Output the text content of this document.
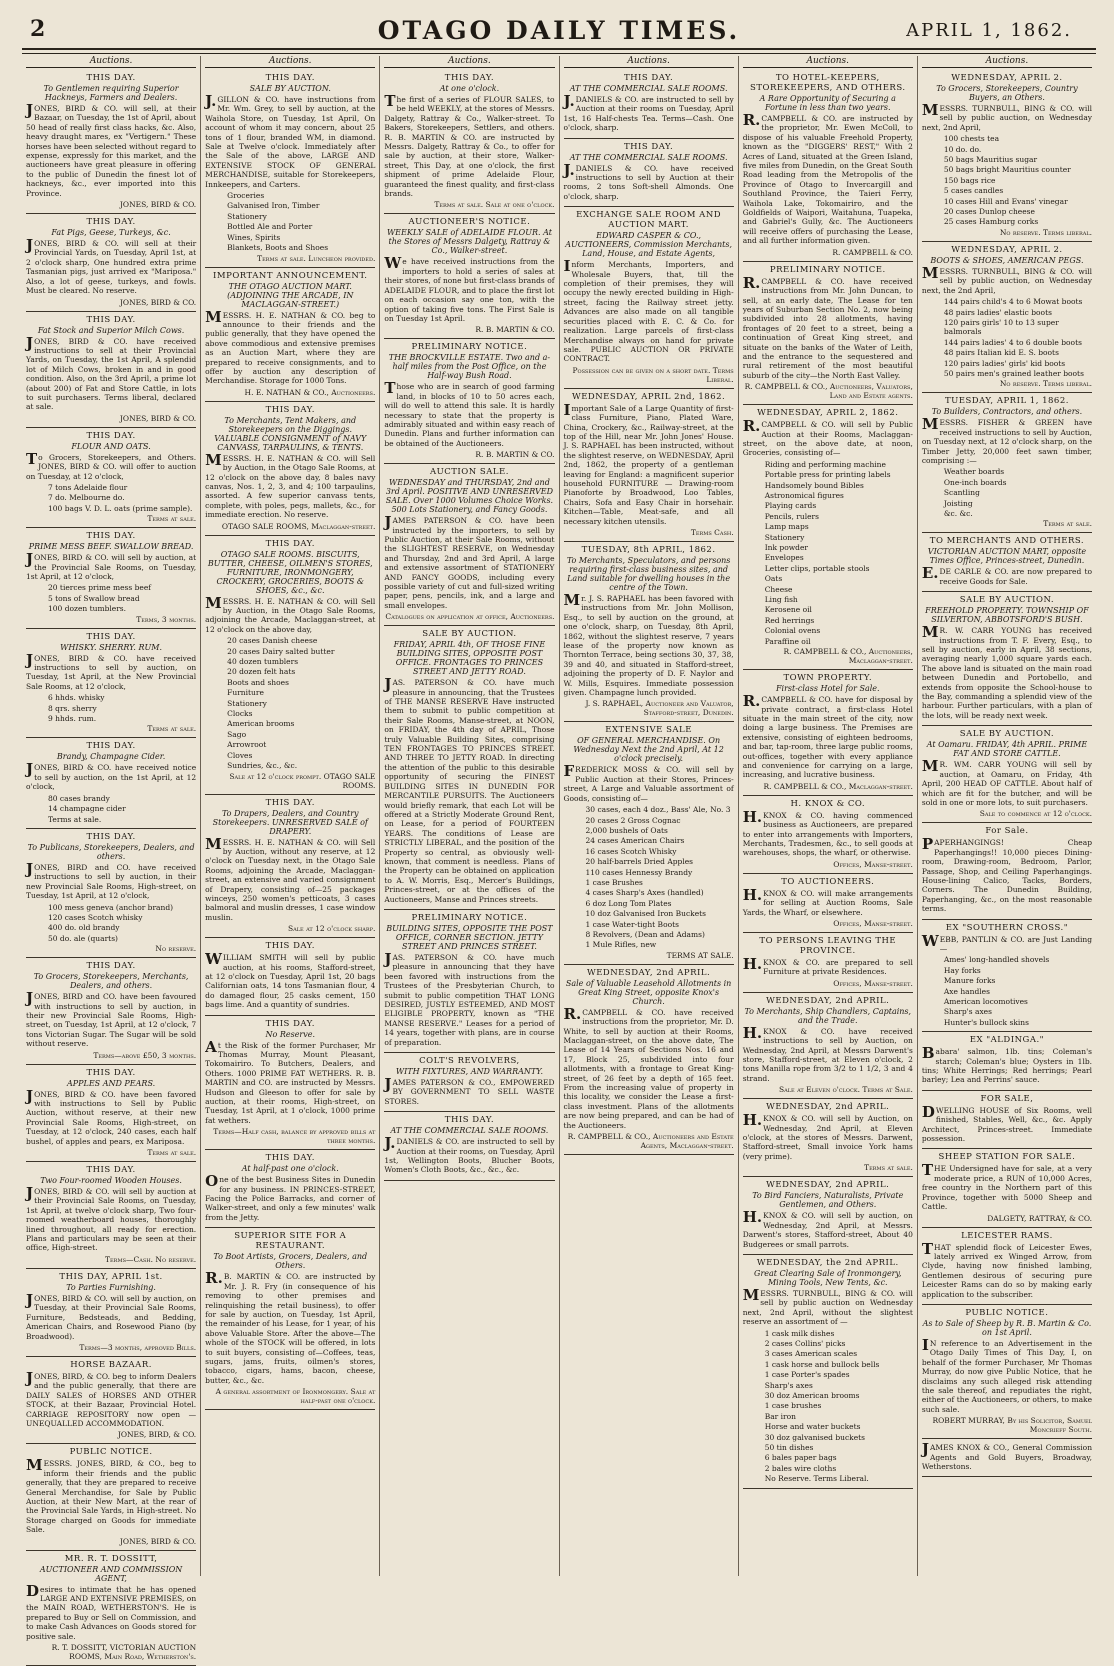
2	OTAGO DAILY TIMES.	APRIL 1, 1862.
Auctions.
THIS DAY.
To Gentlemen requiring Superior Hackneys, Farmers and Dealers.
JONES, BIRD & CO. will sell, at their Bazaar, on Tuesday, the 1st of April, about 50 head of really first class hacks, &c. Also, heavy draught mares, ex "Vertigern." These horses have been selected without regard to expense, expressly for this market, and the auctioneers have great pleasure in offering to the public of Dunedin the finest lot of hackneys, &c., ever imported into this Province.
JONES, BIRD & CO.
THIS DAY.
Fat Pigs, Geese, Turkeys, &c.
JONES, BIRD & CO. will sell at their Provincial Yards, on Tuesday, April 1st, at 2 o'clock sharp, One hundred extra prime Tasmanian pigs, just arrived ex "Mariposa." Also, a lot of geese, turkeys, and fowls. Must be cleared. No reserve.
JONES, BIRD & CO.
THIS DAY.
Fat Stock and Superior Milch Cows.
JONES, BIRD & CO. have received instructions to sell at their Provincial Yards, on Tuesday, the 1st April, A splendid lot of Milch Cows, broken in and in good condition. Also, on the 3rd April, a prime lot (about 200) of Fat and Store Cattle, in lots to suit purchasers. Terms liberal, declared at sale.
JONES, BIRD & CO.
THIS DAY.
FLOUR AND OATS.
To Grocers, Storekeepers, and Others. JONES, BIRD & CO. will offer to auction on Tuesday, at 12 o'clock,
7 tons Adelaide flour
7 do. Melbourne do.
100 bags V. D. L. oats (prime sample).
Terms at sale.
THIS DAY.
PRIME MESS BEEF. SWALLOW BREAD.
JONES, BIRD & CO. will sell by auction, at the Provincial Sale Rooms, on Tuesday, 1st April, at 12 o'clock,
20 tierces prime mess beef
5 tons of Swallow bread
100 dozen tumblers.
Terms, 3 months.
THIS DAY.
WHISKY. SHERRY. RUM.
JONES, BIRD & CO. have received instructions to sell by auction, on Tuesday, 1st April, at the New Provincial Sale Rooms, at 12 o'clock,
6 hhds. whisky
8 qrs. sherry
9 hhds. rum.
Terms at sale.
THIS DAY.
Brandy, Champagne Cider.
JONES, BIRD & CO. have received notice to sell by auction, on the 1st April, at 12 o'clock,
80 cases brandy
14 champagne cider
Terms at sale.
THIS DAY.
To Publicans, Storekeepers, Dealers, and others.
JONES, BIRD and CO. have received instructions to sell by auction, in their new Provincial Sale Rooms, High-street, on Tuesday, 1st April, at 12 o'clock,
100 mess geneva (anchor brand)
120 cases Scotch whisky
400 do. old brandy
50 do. ale (quarts)
No reserve.
THIS DAY.
To Grocers, Storekeepers, Merchants, Dealers, and others.
JONES, BIRD and CO. have been favoured with instructions to sell by auction, in their new Provincial Sale Rooms, High-street, on Tuesday, 1st April, at 12 o'clock, 7 tons Victorian Sugar. The Sugar will be sold without reserve.
Terms—above £50, 3 months.
THIS DAY.
APPLES AND PEARS.
JONES, BIRD & CO. have been favored with instructions to Sell by Public Auction, without reserve, at their new Provincial Sale Rooms, High-street, on Tuesday, at 12 o'clock, 240 cases, each half bushel, of apples and pears, ex Mariposa.
Terms at sale.
THIS DAY.
Two Four-roomed Wooden Houses.
JONES, BIRD & CO. will sell by auction at their Provincial Sale Rooms, on Tuesday, 1st April, at twelve o'clock sharp, Two four-roomed weatherboard houses, thoroughly lined throughout, all ready for erection. Plans and particulars may be seen at their office, High-street.
Terms—Cash. No reserve.
THIS DAY, APRIL 1st.
To Parties Furnishing.
JONES, BIRD & CO. will sell by auction, on Tuesday, at their Provincial Sale Rooms, Furniture, Bedsteads, and Bedding, American Chairs, and Rosewood Piano (by Broadwood).
Terms—3 months, approved Bills.
HORSE BAZAAR.
JONES, BIRD, & CO. beg to inform Dealers and the public generally, that there are DAILY SALES of HORSES AND OTHER STOCK, at their Bazaar, Provincial Hotel. CARRIAGE REPOSITORY now open — UNEQUALLED ACCOMMODATION.
JONES, BIRD, & CO.
PUBLIC NOTICE.
MESSRS. JONES, BIRD, & CO., beg to inform their friends and the public generally, that they are prepared to receive General Merchandise, for Sale by Public Auction, at their New Mart, at the rear of the Provincial Sale Yards, in High-street. No Storage charged on Goods for immediate Sale.
JONES, BIRD & CO.
MR. R. T. DOSSITT,
AUCTIONEER AND COMMISSION AGENT,
Desires to intimate that he has opened LARGE AND EXTENSIVE PREMISES, on the MAIN ROAD, WETHERSTON'S. He is prepared to Buy or Sell on Commission, and to make Cash Advances on Goods stored for positive sale.
R. T. DOSSITT, VICTORIAN AUCTION ROOMS, Main Road, Wetherston's.
Auctions.
THIS DAY.
SALE BY AUCTION.
J.GILLON & CO. have instructions from Mr. Wm. Grey, to sell by auction, at the Waihola Store, on Tuesday, 1st April, On account of whom it may concern, about 25 tons of 1 flour, branded WM, in diamond. Sale at Twelve o'clock. Immediately after the Sale of the above, LARGE AND EXTENSIVE STOCK OF GENERAL MERCHANDISE, suitable for Storekeepers, Innkeepers, and Carters.
Groceries
Galvanised Iron, Timber
Stationery
Bottled Ale and Porter
Wines, Spirits
Blankets, Boots and Shoes
Terms at sale. Luncheon provided.
IMPORTANT ANNOUNCEMENT.
THE OTAGO AUCTION MART. (ADJOINING THE ARCADE, IN MACLAGGAN-STREET.)
MESSRS. H. E. NATHAN & CO. beg to announce to their friends and the public generally, that they have opened the above commodious and extensive premises as an Auction Mart, where they are prepared to receive consignments, and to offer by auction any description of Merchandise. Storage for 1000 Tons.
H. E. NATHAN & CO., Auctioneers.
THIS DAY.
To Merchants, Tent Makers, and Storekeepers on the Diggings. VALUABLE CONSIGNMENT of NAVY CANVASS, TARPAULINS, & TENTS.
MESSRS. H. E. NATHAN & CO. will Sell by Auction, in the Otago Sale Rooms, at 12 o'clock on the above day, 8 bales navy canvas, Nos. 1, 2, 3, and 4; 100 tarpaulins, assorted. A few superior canvass tents, complete, with poles, pegs, mallets, &c., for immediate erection. No reserve.
OTAGO SALE ROOMS, Maclaggan-street.
THIS DAY.
OTAGO SALE ROOMS. BISCUITS, BUTTER, CHEESE, OILMEN'S STORES, FURNITURE, IRONMONGERY, CROCKERY, GROCERIES, BOOTS & SHOES, &c., &c.
MESSRS. H. E. NATHAN & CO. will Sell by Auction, in the Otago Sale Rooms, adjoining the Arcade, Maclaggan-street, at 12 o'clock on the above day,
20 cases Danish cheese
20 cases Dairy salted butter
40 dozen tumblers
20 dozen felt hats
Boots and shoes
Furniture
Stationery
Clocks
American brooms
Sago
Arrowroot
Cloves
Sundries, &c., &c.
Sale at 12 o'clock prompt. OTAGO SALE ROOMS.
THIS DAY.
To Drapers, Dealers, and Country Storekeepers. UNRESERVED SALE of DRAPERY.
MESSRS. H. E. NATHAN & CO. will Sell by Auction, without any reserve, at 12 o'clock on Tuesday next, in the Otago Sale Rooms, adjoining the Arcade, Maclaggan-street, an extensive and varied consignment of Drapery, consisting of—25 packages winceys, 250 women's petticoats, 3 cases balmoral and muslin dresses, 1 case window muslin.
Sale at 12 o'clock sharp.
THIS DAY.
WILLIAM SMITH will sell by public auction, at his rooms, Stafford-street, at 12 o'clock on Tuesday, April 1st, 20 bags Californian oats, 14 tons Tasmanian flour, 4 do damaged flour, 25 casks cement, 150 bags lime. And a quantity of sundries.
THIS DAY.
No Reserve.
At the Risk of the former Purchaser, Mr Thomas Murray, Mount Pleasant, Tokomairiro. To Butchers, Dealers, and Others. 1000 PRIME FAT WETHERS. R. B. MARTIN and CO. are instructed by Messrs. Hudson and Gleeson to offer for sale by auction, at their rooms, High-street, on Tuesday, 1st April, at 1 o'clock, 1000 prime fat wethers.
Terms—Half cash, balance by approved bills at three months.
THIS DAY.
At half-past one o'clock.
One of the best Business Sites in Dunedin for any business. IN PRINCES-STREET, Facing the Police Barracks, and corner of Walker-street, and only a few minutes' walk from the Jetty.
SUPERIOR SITE FOR A RESTAURANT.
To Boot Artists, Grocers, Dealers, and Others.
R.B. MARTIN & CO. are instructed by Mr. J. R. Fry (in consequence of his removing to other premises and relinquishing the retail business), to offer for sale by auction, on Tuesday, 1st April, the remainder of his Lease, for 1 year, of his above Valuable Store. After the above—The whole of the STOCK will be offered, in lots to suit buyers, consisting of—Coffees, teas, sugars, jams, fruits, oilmen's stores, tobacco, cigars, hams, bacon, cheese, butter, &c., &c.
A general assortment of Ironmongery. Sale at half-past one o'clock.
Auctions.
THIS DAY.
At one o'clock.
The first of a series of FLOUR SALES, to be held WEEKLY, at the stores of Messrs. Dalgety, Rattray & Co., Walker-street. To Bakers, Storekeepers, Settlers, and others. R. B. MARTIN & CO. are instructed by Messrs. Dalgety, Rattray & Co., to offer for sale by auction, at their store, Walker-street, This Day, at one o'clock, the first shipment of prime Adelaide Flour, guaranteed the finest quality, and first-class brands.
Terms at sale. Sale at one o'clock.
AUCTIONEER'S NOTICE.
WEEKLY SALE of ADELAIDE FLOUR. At the Stores of Messrs Dalgety, Rattray & Co., Walker-street.
We have received instructions from the importers to hold a series of sales at their stores, of none but first-class brands of ADELAIDE FLOUR, and to place the first lot on each occasion say one ton, with the option of taking five tons. The First Sale is on Tuesday 1st April.
R. B. MARTIN & CO.
PRELIMINARY NOTICE.
THE BROCKVILLE ESTATE. Two and a-half miles from the Post Office, on the Half-way Bush Road.
Those who are in search of good farming land, in blocks of 10 to 50 acres each, will do well to attend this sale. It is hardly necessary to state that the property is admirably situated and within easy reach of Dunedin. Plans and further information can be obtained of the Auctioneers.
R. B. MARTIN & CO.
AUCTION SALE.
WEDNESDAY and THURSDAY, 2nd and 3rd April. POSITIVE AND UNRESERVED SALE. Over 1000 Volumes Choice Works. 500 Lots Stationery, and Fancy Goods.
JAMES PATERSON & CO. have been instructed by the importers, to sell by Public Auction, at their Sale Rooms, without the SLIGHTEST RESERVE, on Wednesday and Thursday, 2nd and 3rd April, A large and extensive assortment of STATIONERY AND FANCY GOODS, including every possible variety of cut and full-sized writing paper, pens, pencils, ink, and a large and small envelopes.
Catalogues on application at office, Auctioneers.
SALE BY AUCTION.
FRIDAY, APRIL 4th, OF THOSE FINE BUILDING SITES, OPPOSITE POST OFFICE. FRONTAGES TO PRINCES STREET AND JETTY ROAD.
JAS. PATERSON & CO. have much pleasure in announcing, that the Trustees of THE MANSE RESERVE Have instructed them to submit to public competition at their Sale Rooms, Manse-street, at NOON, on FRIDAY, the 4th day of APRIL, Those truly Valuable Building Sites, comprising TEN FRONTAGES TO PRINCES STREET. AND THREE TO JETTY ROAD. In directing the attention of the public to this desirable opportunity of securing the FINEST BUILDING SITES IN DUNEDIN FOR MERCANTILE PURSUITS. The Auctioneers would briefly remark, that each Lot will be offered at a Strictly Moderate Ground Rent, on Lease, for a period of FOURTEEN YEARS. The conditions of Lease are STRICTLY LIBERAL, and the position of the Property so central, as obviously well-known, that comment is needless. Plans of the Property can be obtained on application to A. W. Morris, Esq., Mercer's Buildings, Princes-street, or at the offices of the Auctioneers, Manse and Princes streets.
PRELIMINARY NOTICE.
BUILDING SITES, OPPOSITE THE POST OFFICE, CORNER SECTION. JETTY STREET AND PRINCES STREET.
JAS. PATERSON & CO. have much pleasure in announcing that they have been favored with instructions from the Trustees of the Presbyterian Church, to submit to public competition THAT LONG DESIRED, JUSTLY ESTEEMED, AND MOST ELIGIBLE PROPERTY, known as "THE MANSE RESERVE." Leases for a period of 14 years, together with plans, are in course of preparation.
COLT'S REVOLVERS,
WITH FIXTURES, AND WARRANTY.
JAMES PATERSON & CO., EMPOWERED BY GOVERNMENT TO SELL WASTE STORES.
THIS DAY.
AT THE COMMERCIAL SALE ROOMS.
J.DANIELS & CO. are instructed to sell by Auction at their rooms, on Tuesday, April 1st, Wellington Boots, Blucher Boots, Women's Cloth Boots, &c., &c., &c.
Auctions.
THIS DAY.
AT THE COMMERCIAL SALE ROOMS.
J.DANIELS & CO. are instructed to sell by Auction at their rooms on Tuesday, April 1st, 16 Half-chests Tea. Terms—Cash. One o'clock, sharp.
THIS DAY.
AT THE COMMERCIAL SALE ROOMS.
J.DANIELS & CO. have received instructions to sell by Auction at their rooms, 2 tons Soft-shell Almonds. One o'clock, sharp.
EXCHANGE SALE ROOM AND AUCTION MART.
EDWARD CASPER & CO., AUCTIONEERS, Commission Merchants, Land, House, and Estate Agents,
Inform Merchants, Importers, and Wholesale Buyers, that, till the completion of their premises, they will occupy the newly erected building in High-street, facing the Railway street jetty. Advances are also made on all tangible securities placed with E. C. & Co. for realization. Large parcels of first-class Merchandise always on hand for private sale. PUBLIC AUCTION OR PRIVATE CONTRACT.
Possession can be given on a short date. Terms Liberal.
WEDNESDAY, APRIL 2nd, 1862.
Important Sale of a Large Quantity of first-class Furniture, Piano, Plated Ware, China, Crockery, &c., Railway-street, at the top of the Hill, near Mr. John Jones' House. J. S. RAPHAEL has been instructed, without the slightest reserve, on WEDNESDAY, April 2nd, 1862, the property of a gentleman leaving for England: a magnificent superior household FURNITURE — Drawing-room Pianoforte by Broadwood, Loo Tables, Chairs, Sofa and Easy Chair in horsehair. Kitchen—Table, Meat-safe, and all necessary kitchen utensils.
Terms Cash.
TUESDAY, 8th APRIL, 1862.
To Merchants, Speculators, and persons requiring first-class business sites, and Land suitable for dwelling houses in the centre of the Town.
Mr. J. S. RAPHAEL has been favored with instructions from Mr. John Mollison, Esq., to sell by auction on the ground, at one o'clock, sharp, on Tuesday, 8th April, 1862, without the slightest reserve, 7 years lease of the property now known as Thornton Terrace, being sections 30, 37, 38, 39 and 40, and situated in Stafford-street, adjoining the property of D. F. Naylor and W. Mills, Esquires. Immediate possession given. Champagne lunch provided.
J. S. RAPHAEL, Auctioneer and Valuator, Stafford-street, Dunedin.
EXTENSIVE SALE
OF GENERAL MERCHANDISE. On Wednesday Next the 2nd April, At 12 o'clock precisely.
FREDERICK MOSS & CO. will sell by Public Auction at their Stores, Princes-street, A Large and Valuable assortment of Goods, consisting of—
30 cases, each 4 doz., Bass' Ale, No. 3
20 cases 2 Gross Cognac
2,000 bushels of Oats
24 cases American Chairs
16 cases Scotch Whisky
20 half-barrels Dried Apples
110 cases Hennessy Brandy
1 case Brushes
4 cases Sharp's Axes (handled)
6 doz Long Tom Plates
10 doz Galvanised Iron Buckets
1 case Water-tight Boots
8 Revolvers, (Dean and Adams)
1 Mule Rifles, new
TERMS AT SALE.
WEDNESDAY, 2nd APRIL.
Sale of Valuable Leasehold Allotments in Great King Street, opposite Knox's Church.
R.CAMPBELL & CO. have received instructions from the proprietor, Mr. D. White, to sell by auction at their Rooms, Maclaggan-street, on the above date, The Lease of 14 Years of Sections Nos. 16 and 17, Block 25, subdivided into four allotments, with a frontage to Great King-street, of 26 feet by a depth of 165 feet. From the increasing value of property in this locality, we consider the Lease a first-class investment. Plans of the allotments are now being prepared, and can be had of the Auctioneers.
R. CAMPBELL & CO., Auctioneers and Estate Agents, Maclaggan-street.
Auctions.
TO HOTEL-KEEPERS, STOREKEEPERS, AND OTHERS.
A Rare Opportunity of Securing a Fortune in less than two years.
R.CAMPBELL & CO. are instructed by the proprietor, Mr. Ewen McColl, to dispose of his valuable Freehold Property, known as the "DIGGERS' REST," With 2 Acres of Land, situated at the Green Island, five miles from Dunedin, on the Great South Road leading from the Metropolis of the Province of Otago to Invercargill and Southland Province, the Taieri Ferry, Waihola Lake, Tokomairiro, and the Goldfields of Waipori, Waitahuna, Tuapeka, and Gabriel's Gully, &c. The Auctioneers will receive offers of purchasing the Lease, and all further information given.
R. CAMPBELL & CO.
PRELIMINARY NOTICE.
R.CAMPBELL & CO. have received instructions from Mr. John Duncan, to sell, at an early date, The Lease for ten years of Suburban Section No. 2, now being subdivided into 28 allotments, having frontages of 20 feet to a street, being a continuation of Great King street, and situate on the banks of the Water of Leith, and the entrance to the sequestered and rural retirement of the most beautiful suburb of the city—the North East Valley.
R. CAMPBELL & CO., Auctioneers, Valuators, Land and Estate agents.
WEDNESDAY, APRIL 2, 1862.
R.CAMPBELL & CO. will sell by Public Auction at their Rooms, Maclaggan-street, on the above date, at noon, Groceries, consisting of—
Riding and performing machine
Portable press for printing labels
Handsomely bound Bibles
Astronomical figures
Playing cards
Pencils, rulers
Lamp maps
Stationery
Ink powder
Envelopes
Letter clips, portable stools
Oats
Cheese
Ling fish
Kerosene oil
Red herrings
Colonial ovens
Paraffine oil
R. CAMPBELL & CO., Auctioneers, Maclaggan-street.
TOWN PROPERTY.
First-class Hotel for Sale.
R.CAMPBELL & CO. have for disposal by private contract, a first-class Hotel situate in the main street of the city, now doing a large business. The Premises are extensive, consisting of eighteen bedrooms, and bar, tap-room, three large public rooms, out-offices, together with every appliance and convenience for carrying on a large, increasing, and lucrative business.
R. CAMPBELL & CO., Maclaggan-street.
H. KNOX & CO.
H.KNOX & CO. having commenced business as Auctioneers, are prepared to enter into arrangements with Importers, Merchants, Tradesmen, &c., to sell goods at warehouses, shops, the wharf, or otherwise.
Offices, Manse-street.
TO AUCTIONEERS.
H.KNOX & CO. will make arrangements for selling at Auction Rooms, Sale Yards, the Wharf, or elsewhere.
Offices, Manse-street.
TO PERSONS LEAVING THE PROVINCE.
H.KNOX & CO. are prepared to sell Furniture at private Residences.
Offices, Manse-street.
WEDNESDAY, 2nd APRIL.
To Merchants, Ship Chandlers, Captains, and the Trade.
H.KNOX & CO. have received instructions to sell by Auction, on Wednesday, 2nd April, at Messrs Darwent's store, Stafford-street, at Eleven o'clock, 2 tons Manilla rope from 3/2 to 1 1/2, 3 and 4 strand.
Sale at Eleven o'clock. Terms at Sale.
WEDNESDAY, 2nd APRIL.
H.KNOX & CO. will sell by Auction, on Wednesday, 2nd April, at Eleven o'clock, at the stores of Messrs. Darwent, Stafford-street, Small invoice York hams (very prime).
Terms at sale.
WEDNESDAY, 2nd APRIL.
To Bird Fanciers, Naturalists, Private Gentlemen, and Others.
H.KNOX & CO. will sell by auction, on Wednesday, 2nd April, at Messrs. Darwent's stores, Stafford-street, About 40 Budgerees or small parrots.
WEDNESDAY, the 2nd APRIL.
Great Clearing Sale of Ironmongery, Mining Tools, New Tents, &c.
MESSRS. TURNBULL, BING & CO. will sell by public auction on Wednesday next, 2nd April, without the slightest reserve an assortment of —
1 cask milk dishes
2 cases Collins' picks
3 cases American scales
1 cask horse and bullock bells
1 case Porter's spades
Sharp's axes
30 doz American brooms
1 case brushes
Bar iron
Horse and water buckets
30 doz galvanised buckets
50 tin dishes
6 bales paper bags
2 bales wire cloths
No Reserve. Terms Liberal.
Auctions.
WEDNESDAY, APRIL 2.
To Grocers, Storekeepers, Country Buyers, an Others.
MESSRS. TURNBULL, BING & CO. will sell by public auction, on Wednesday next, 2nd April,
100 chests tea
10 do. do.
50 bags Mauritius sugar
50 bags bright Mauritius counter
150 bags rice
5 cases candles
10 cases Hill and Evans' vinegar
20 cases Dunlop cheese
25 cases Hamburg corks
No reserve. Terms liberal.
WEDNESDAY, APRIL 2.
BOOTS & SHOES, AMERICAN PEGS.
MESSRS. TURNBULL, BING & CO. will sell by public auction, on Wednesday next, the 2nd April,
144 pairs child's 4 to 6 Mowat boots
48 pairs ladies' elastic boots
120 pairs girls' 10 to 13 super balmorals
144 pairs ladies' 4 to 6 double boots
48 pairs Italian kid E. S. boots
120 pairs ladies' girls' kid boots
50 pairs men's grained leather boots
No reserve. Terms liberal.
TUESDAY, APRIL 1, 1862.
To Builders, Contractors, and others.
MESSRS. FISHER & GREEN have received instructions to sell by Auction, on Tuesday next, at 12 o'clock sharp, on the Timber Jetty, 20,000 feet sawn timber, comprising :—
Weather boards
One-inch boards
Scantling
Joisting
&c. &c.
Terms at sale.
TO MERCHANTS AND OTHERS.
VICTORIAN AUCTION MART, opposite Times Office, Princes-street, Dunedin.
E.DE CARLE & CO. are now prepared to receive Goods for Sale.
SALE BY AUCTION.
FREEHOLD PROPERTY. TOWNSHIP OF SILVERTON, ABBOTSFORD'S BUSH.
MR. W. CARR YOUNG has received instructions from T. F. Every, Esq., to sell by auction, early in April, 38 sections, averaging nearly 1,000 square yards each. The above land is situated on the main road between Dunedin and Portobello, and extends from opposite the School-house to the Bay, commanding a splendid view of the harbour. Further particulars, with a plan of the lots, will be ready next week.
SALE BY AUCTION.
At Oamaru. FRIDAY, 4th APRIL. PRIME FAT AND STORE CATTLE.
MR. WM. CARR YOUNG will sell by auction, at Oamaru, on Friday, 4th April, 200 HEAD OF CATTLE. About half of which are fit for the butcher, and will be sold in one or more lots, to suit purchasers.
Sale to commence at 12 o'clock.
For Sale.
PAPERHANGINGS! Cheap Paperhangings!! 10,000 pieces Dining-room, Drawing-room, Bedroom, Parlor, Passage, Shop, and Ceiling Paperhangings. House-lining Calico, Tacks, Borders, Corners. The Dunedin Building, Paperhanging, &c., on the most reasonable terms.
EX "SOUTHERN CROSS."
WEBB, PANTLIN & CO. are Just Landing—
Ames' long-handled shovels
Hay forks
Manure forks
Axe handles
American locomotives
Sharp's axes
Hunter's bullock skins
EX "ALDINGA."
Babara' salmon, 1lb. tins; Coleman's starch; Coleman's blue; Oysters in 1lb. tins; White Herrings; Red herrings; Pearl barley; Lea and Perrins' sauce.
FOR SALE,
DWELLING HOUSE of Six Rooms, well finished, Stables, Well, &c., &c. Apply Architect, Princes-street. Immediate possession.
SHEEP STATION FOR SALE.
THE Undersigned have for sale, at a very moderate price, a RUN of 10,000 Acres, free country in the Northern part of this Province, together with 5000 Sheep and Cattle.
DALGETY, RATTRAY, & CO.
LEICESTER RAMS.
THAT splendid flock of Leicester Ewes, lately arrived ex Winged Arrow, from Clyde, having now finished lambing, Gentlemen desirous of securing pure Leicester Rams can do so by making early application to the subscriber.
PUBLIC NOTICE.
As to Sale of Sheep by R. B. Martin & Co. on 1st April.
IN reference to an Advertisement in the Otago Daily Times of This Day, I, on behalf of the former Purchaser, Mr Thomas Murray, do now give Public Notice, that he disclaims any such alleged risk attending the sale thereof, and repudiates the right, either of the Auctioneers, or others, to make such sale.
ROBERT MURRAY, By his Solicitor, Samuel Moncrieff South.
JAMES KNOX & CO., General Commission Agents and Gold Buyers, Broadway, Wetherstons.
